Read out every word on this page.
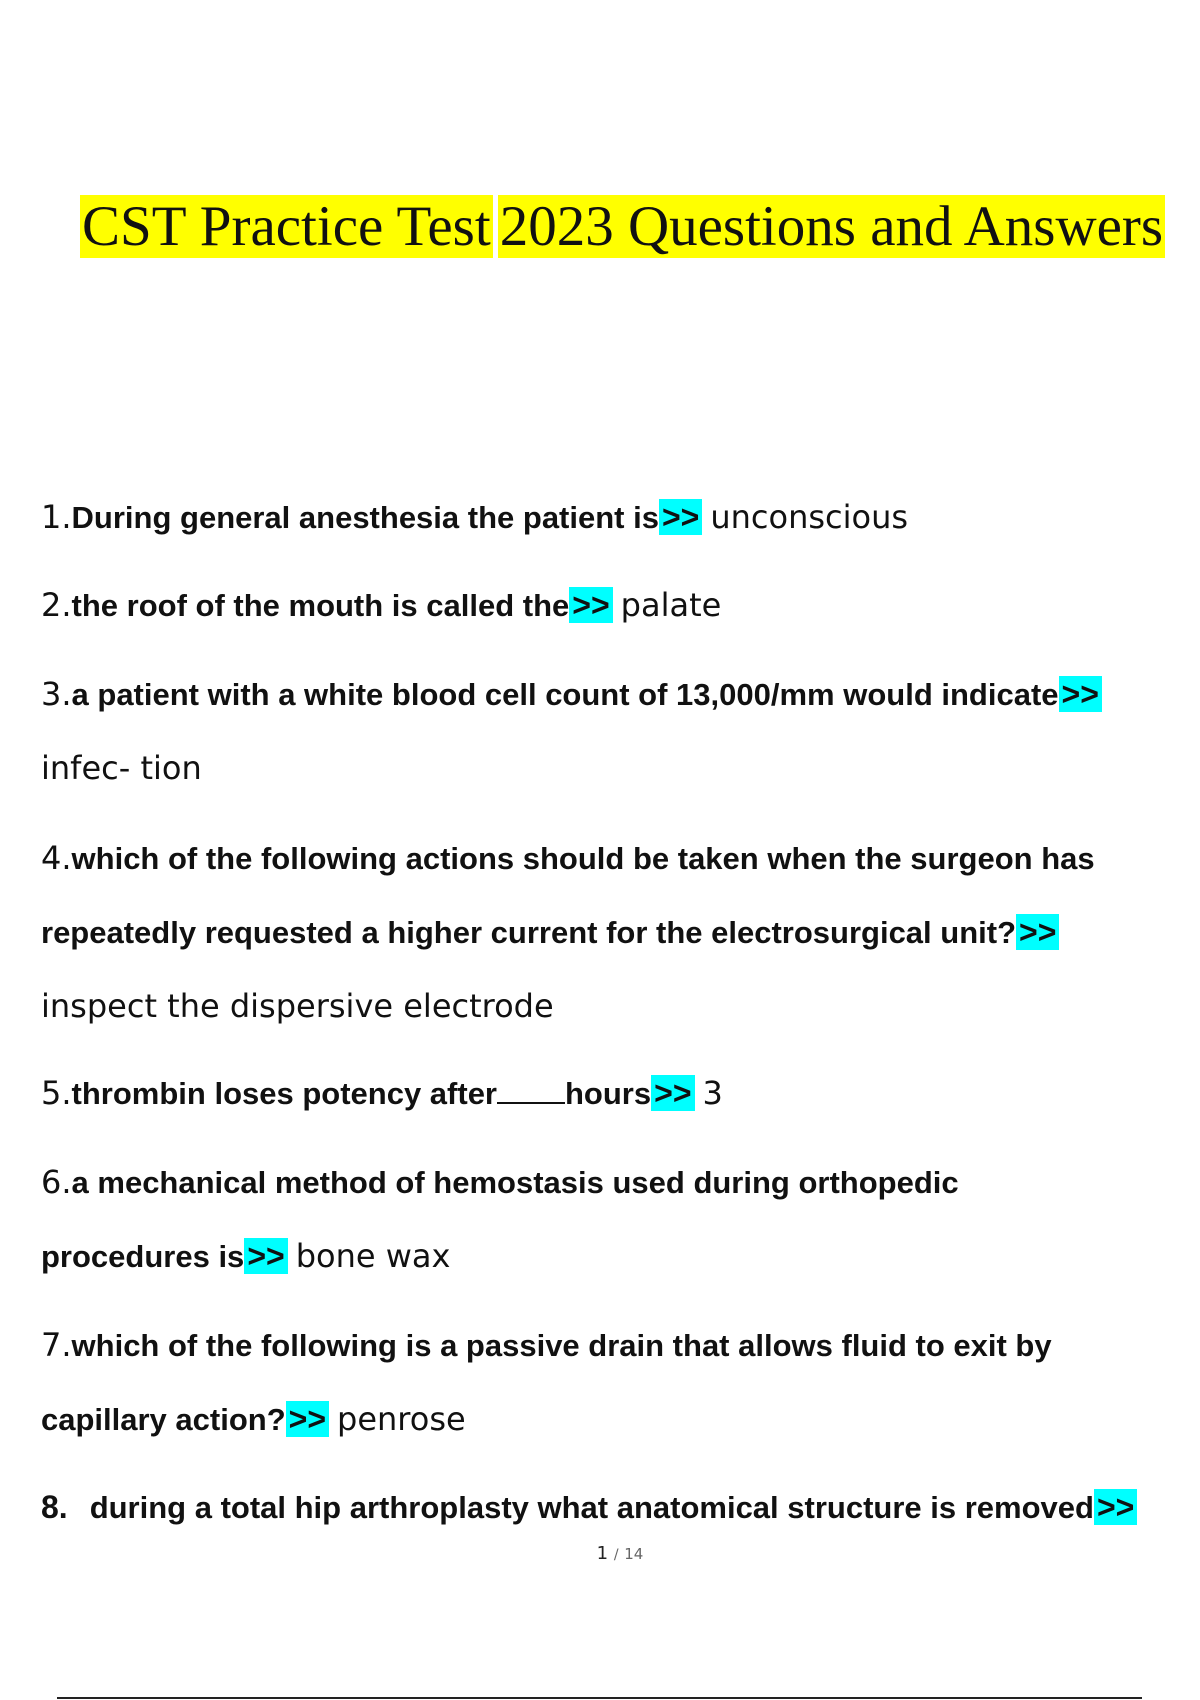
CST Practice Test 2023 Questions and Answers

1.During general anesthesia the patient is>> unconscious

2.the roof of the mouth is called the>> palate

3.a patient with a white blood cell count of 13,000/mm would indicate>>

infec- tion

4.which of the following actions should be taken when the surgeon has

repeatedly requested a higher current for the electrosurgical unit?>>

inspect the dispersive electrode

5.thrombin loses potency after hours>> 3

6.a mechanical method of hemostasis used during orthopedic

procedures is>> bone wax

7.which of the following is a passive drain that allows fluid to exit by

capillary action?>> penrose

8. during a total hip arthroplasty what anatomical structure is removed>>

1 / 14
